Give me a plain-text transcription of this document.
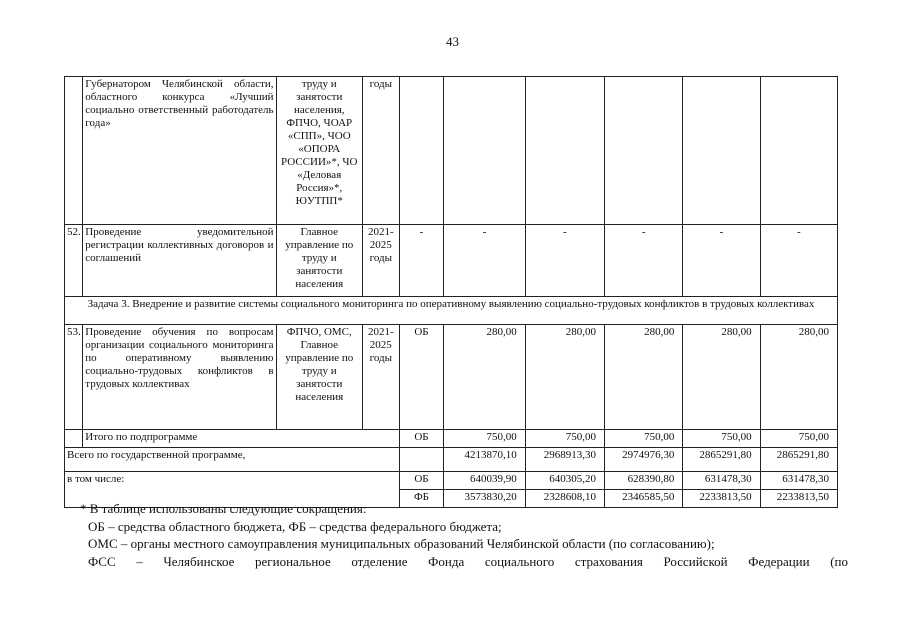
43
	Губернатором Челябинской области, областного конкурса «Лучший социально ответственный работодатель года»	труду и занятости населения, ФПЧО, ЧОАР «СПП», ЧОО «ОПОРА РОССИИ»*, ЧО «Деловая Россия»*, ЮУТПП*	годы						
52.	Проведение уведомительной регистрации коллективных договоров и соглашений	Главное управление по труду и занятости населения	2021-2025 годы	-	-	-	-	-	-
Задача 3. Внедрение и развитие системы социального мониторинга по оперативному выявлению социально-трудовых конфликтов в трудовых коллективах									
53.	Проведение обучения по вопросам организации социального мониторинга по оперативному выявлению социально-трудовых конфликтов в трудовых коллективах	ФПЧО, ОМС, Главное управление по труду и занятости населения	2021-2025 годы	ОБ	280,00	280,00	280,00	280,00	280,00
	Итого по подпрограмме			ОБ	750,00	750,00	750,00	750,00	750,00
Всего по государственной программе,					4213870,10	2968913,30	2974976,30	2865291,80	2865291,80
в том числе:				ОБ	640039,90	640305,20	628390,80	631478,30	631478,30
				ФБ	3573830,20	2328608,10	2346585,50	2233813,50	2233813,50

* В таблице использованы следующие сокращения:

ОБ – средства областного бюджета, ФБ – средства федерального бюджета;

ОМС – органы местного самоуправления муниципальных образований Челябинской области (по согласованию);

ФСС – Челябинское региональное отделение Фонда социального страхования Российской Федерации (по
